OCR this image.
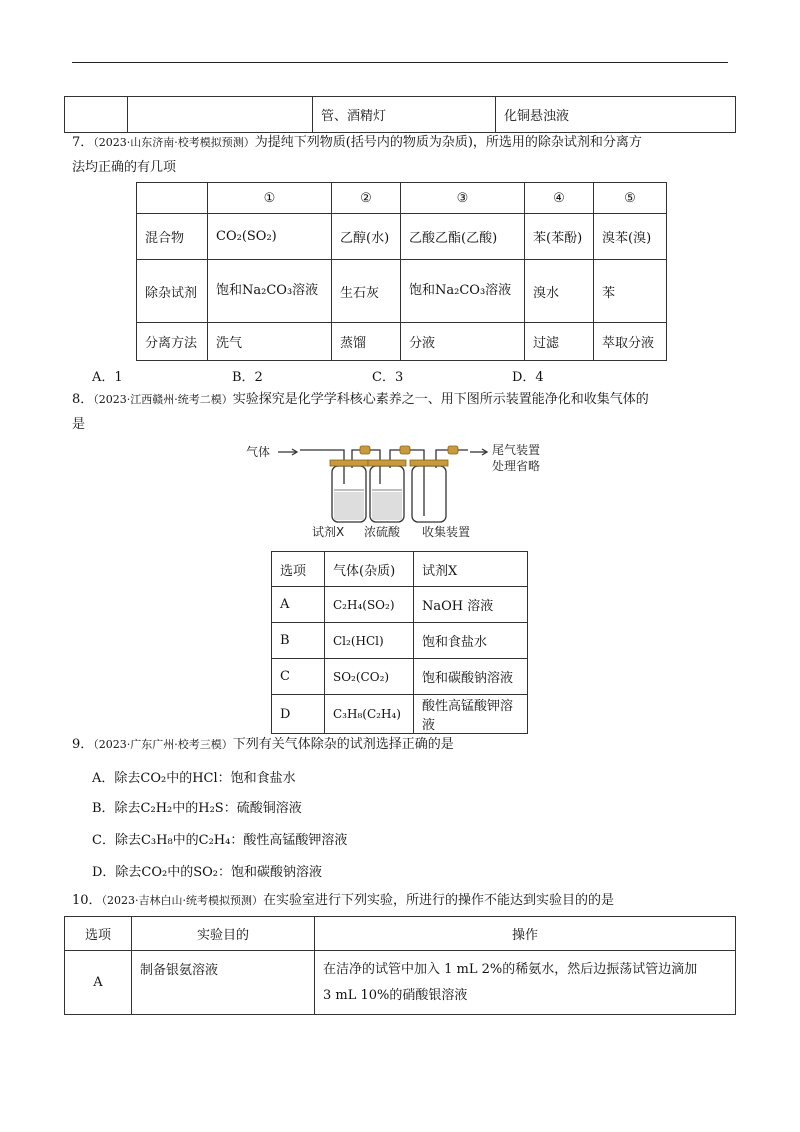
		管、酒精灯	化铜悬浊液
7．（2023·山东济南·校考模拟预测）为提纯下列物质(括号内的物质为杂质)，所选用的除杂试剂和分离方
法均正确的有几项
	①	②	③	④	⑤
混合物	CO₂(SO₂)	乙醇(水)	乙酸乙酯(乙酸)	苯(苯酚)	溴苯(溴)
除杂试剂	饱和Na₂CO₃溶液	生石灰	饱和Na₂CO₃溶液	溴水	苯
分离方法	洗气	蒸馏	分液	过滤	萃取分液
A．1	B．2	C．3	D．4
8．（2023·江西赣州·统考二模）实验探究是化学学科核心素养之一、用下图所示装置能净化和收集气体的
是
气体	尾气装置
处理省略
试剂X 浓硫酸 收集装置
选项	气体(杂质)	试剂X
A	C₂H₄(SO₂)	NaOH 溶液
B	Cl₂(HCl)	饱和食盐水
C	SO₂(CO₂)	饱和碳酸钠溶液
D	C₃H₈(C₂H₄)	酸性高锰酸钾溶液
9．（2023·广东广州·校考三模）下列有关气体除杂的试剂选择正确的是
A．除去CO₂中的HCl：饱和食盐水
B．除去C₂H₂中的H₂S：硫酸铜溶液
C．除去C₃H₈中的C₂H₄：酸性高锰酸钾溶液
D．除去CO₂中的SO₂：饱和碳酸钠溶液
10．（2023·吉林白山·统考模拟预测）在实验室进行下列实验，所进行的操作不能达到实验目的的是
选项	实验目的	操作
A	制备银氨溶液	在洁净的试管中加入 1 mL 2%的稀氨水，然后边振荡试管边滴加
3 mL 10%的硝酸银溶液
